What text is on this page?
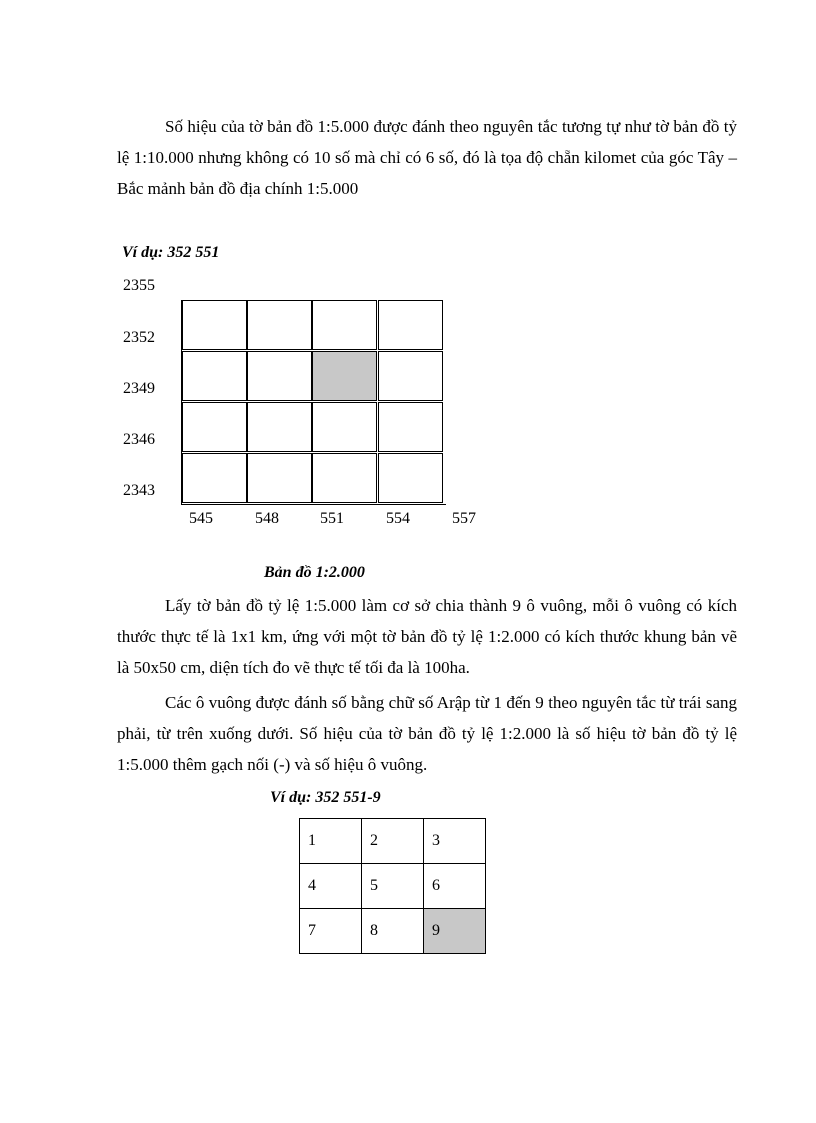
Số hiệu của tờ bản đồ 1:5.000 được đánh theo nguyên tắc tương tự như tờ bản đồ tỷ lệ 1:10.000 nhưng không có 10 số mà chỉ có 6 số, đó là tọa độ chẵn kilomet của góc Tây – Bắc mảnh bản đồ địa chính 1:5.000

Ví dụ: 352 551
2355
2352
2349
2346
2343
545	548	551	554	557
Bản đồ 1:2.000

Lấy tờ bản đồ tỷ lệ 1:5.000 làm cơ sở chia thành 9 ô vuông, mỗi ô vuông có kích thước thực tế là 1x1 km, ứng với một tờ bản đồ tỷ lệ 1:2.000 có kích thước khung bản vẽ là 50x50 cm, diện tích đo vẽ thực tế tối đa là 100ha.

Các ô vuông được đánh số bằng chữ số Arập từ 1 đến 9 theo nguyên tắc từ trái sang phải, từ trên xuống dưới. Số hiệu của tờ bản đồ tỷ lệ 1:2.000 là số hiệu tờ bản đồ tỷ lệ 1:5.000 thêm gạch nối (-) và số hiệu ô vuông.

Ví dụ: 352 551-9
1	2	3
4	5	6
7	8	9
